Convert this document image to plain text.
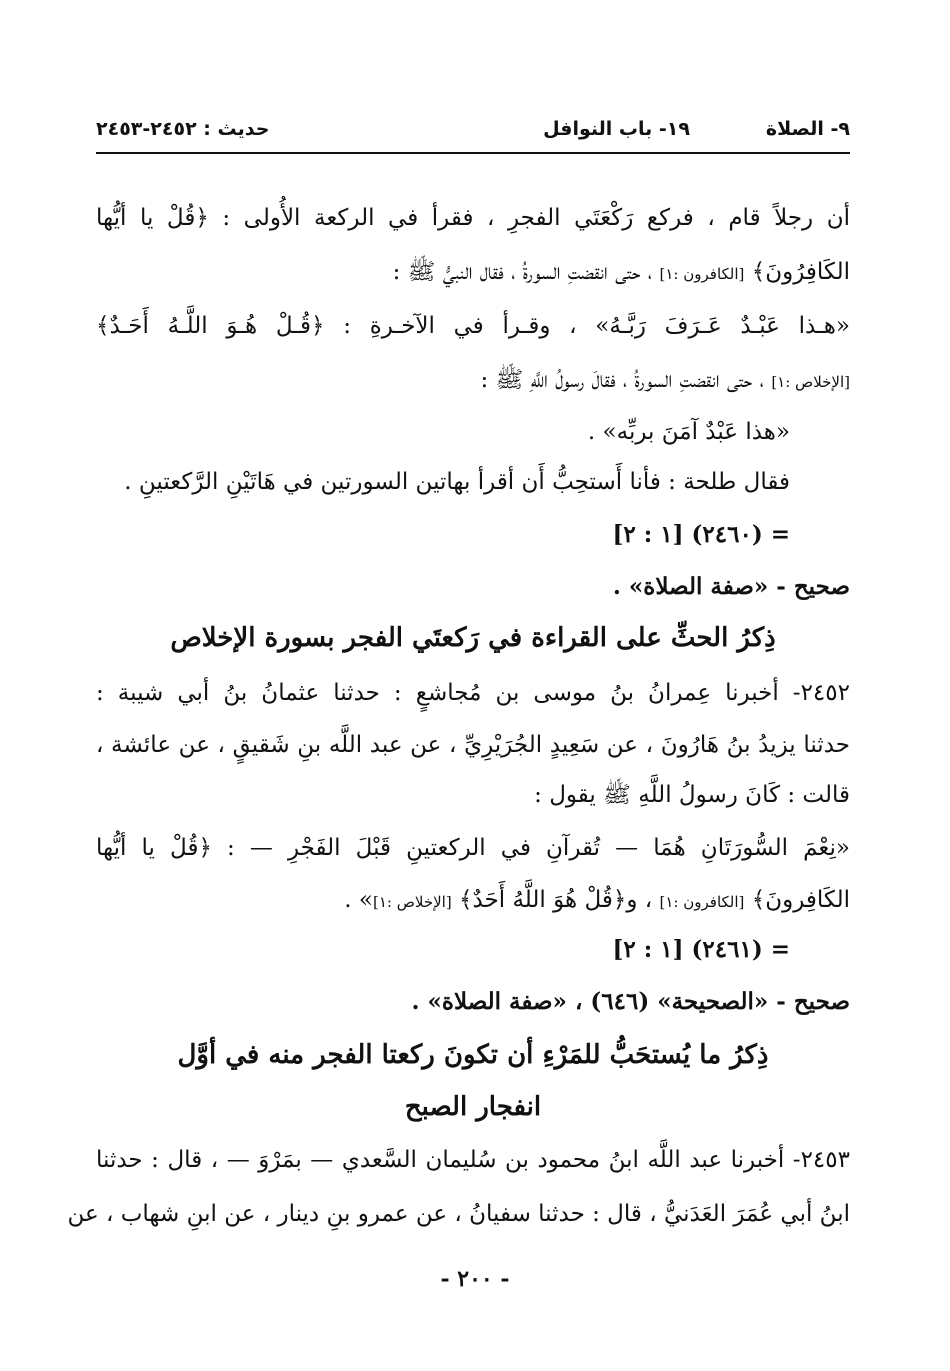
٩- الصلاة
١٩- باب النوافل
حديث : ٢٤٥٢-٢٤٥٣
أن رجلاً قام ، فركع رَكْعَتَي الفجرِ ، فقرأ في الركعة الأُولى : ﴿قُلْ يا أيُّها
الكَافِرُونَ﴾ [الكافرون :١] ، حتى انقضتِ السورةُ ، فقال النبيُّ ﷺ :
«هـذا عَبْـدٌ عَـرَفَ رَبَّـهُ» ، وقـرأ في الآخـرةِ : ﴿قُـلْ هُـوَ اللَّـهُ أَحَـدٌ﴾
[الإخلاص :١] ، حتى انقضتِ السورةُ ، فقالَ رسولُ اللَّهِ ﷺ :
«هذا عَبْدٌ آمَنَ بربِّه» .
فقال طلحة : فأنا أَستحِبُّ أَن أقرأ بهاتين السورتين في هَاتَيْنِ الرَّكعتينِ .
= (٢٤٦٠) [١ : ٢]
صحيح - «صفة الصلاة» .
ذِكرُ الحثِّ على القراءة في رَكعتَي الفجر بسورة الإخلاص
٢٤٥٢- أخبرنا عِمرانُ بنُ موسى بن مُجاشعٍ : حدثنا عثمانُ بنُ أبي شيبة :
حدثنا يزيدُ بنُ هَارُونَ ، عن سَعِيدٍ الجُرَيْرِيِّ ، عن عبد اللَّه بنِ شَقيقٍ ، عن عائشة ،
قالت : كَانَ رسولُ اللَّهِ ﷺ يقول :
«نِعْمَ السُّورَتَانِ هُمَا — تُقرآنِ في الركعتينِ قَبْلَ الفَجْرِ — : ﴿قُلْ يا أيُّها
الكَافِرونَ﴾ [الكافرون :١] ، و﴿قُلْ هُوَ اللَّهُ أَحَدٌ﴾ [الإخلاص :١]» .
= (٢٤٦١) [١ : ٢]
صحيح - «الصحيحة» (٦٤٦) ، «صفة الصلاة» .
ذِكرُ ما يُستحَبُّ للمَرْءِ أن تكونَ ركعتا الفجر منه في أوَّل
انفجار الصبح
٢٤٥٣- أخبرنا عبد اللَّه ابنُ محمود بن سُليمان السَّعدي — بمَرْوَ — ، قال : حدثنا
ابنُ أبي عُمَرَ العَدَنيُّ ، قال : حدثنا سفيانُ ، عن عمرو بنِ دينار ، عن ابنِ شهاب ، عن
- ٢٠٠ -
